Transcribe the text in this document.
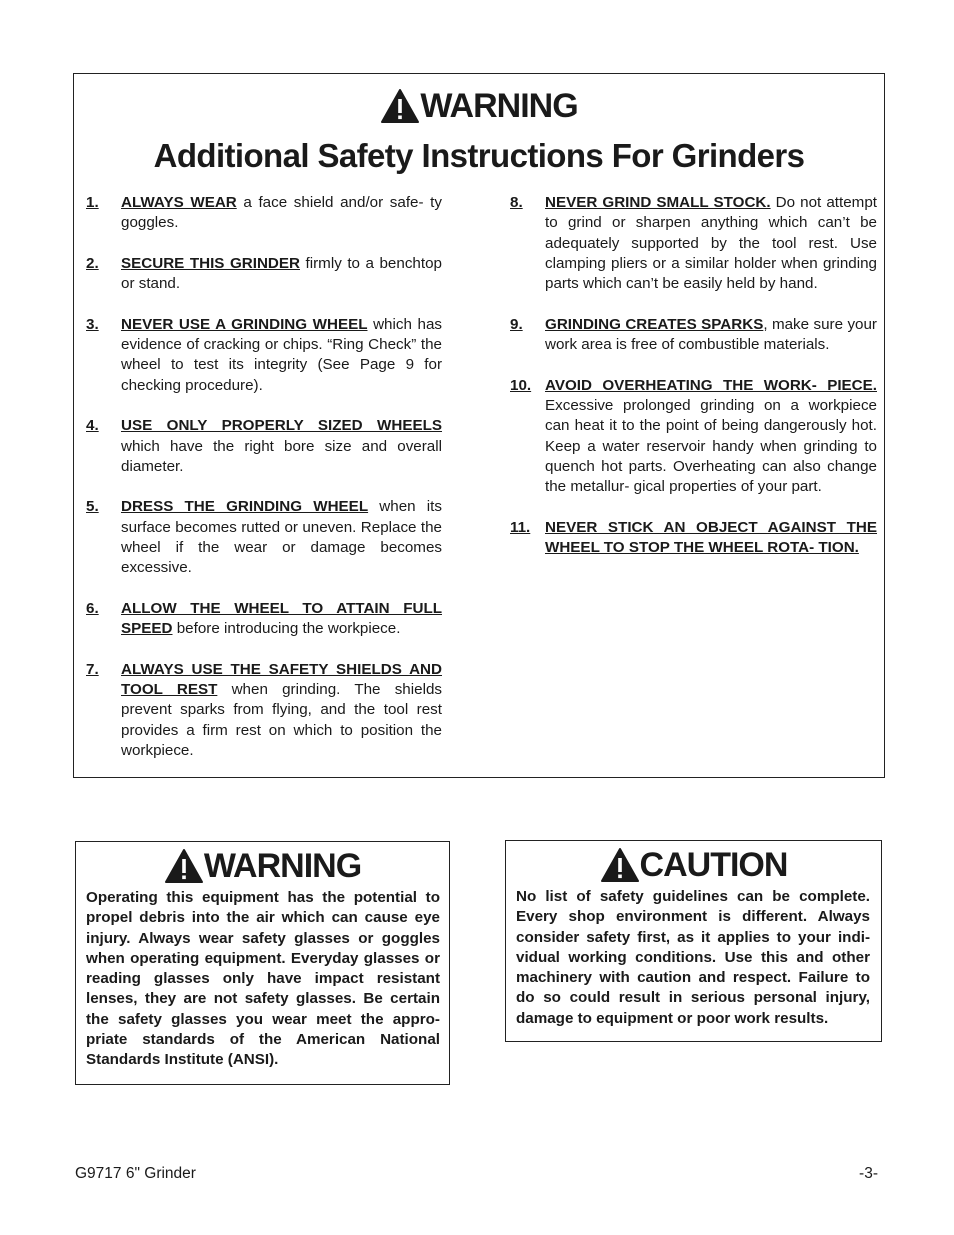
WARNING
Additional Safety Instructions For Grinders
1. ALWAYS WEAR a face shield and/or safe- ty goggles.
2. SECURE THIS GRINDER firmly to a benchtop or stand.
3. NEVER USE A GRINDING WHEEL which has evidence of cracking or chips. “Ring Check” the wheel to test its integrity (See Page 9 for checking procedure).
4. USE ONLY PROPERLY SIZED WHEELS which have the right bore size and overall diameter.
5. DRESS THE GRINDING WHEEL when its surface becomes rutted or uneven. Replace the wheel if the wear or damage becomes excessive.
6. ALLOW THE WHEEL TO ATTAIN FULL SPEED before introducing the workpiece.
7. ALWAYS USE THE SAFETY SHIELDS AND TOOL REST when grinding. The shields prevent sparks from flying, and the tool rest provides a firm rest on which to position the workpiece.
8. NEVER GRIND SMALL STOCK. Do not attempt to grind or sharpen anything which can’t be adequately supported by the tool rest. Use clamping pliers or a similar holder when grinding parts which can’t be easily held by hand.
9. GRINDING CREATES SPARKS, make sure your work area is free of combustible materials.
10. AVOID OVERHEATING THE WORK- PIECE. Excessive prolonged grinding on a workpiece can heat it to the point of being dangerously hot. Keep a water reservoir handy when grinding to quench hot parts. Overheating can also change the metallur- gical properties of your part.
11. NEVER STICK AN OBJECT AGAINST THE WHEEL TO STOP THE WHEEL ROTA- TION.
WARNING
Operating this equipment has the potential to propel debris into the air which can cause eye injury. Always wear safety glasses or goggles when operating equipment. Everyday glasses or reading glasses only have impact resistant lenses, they are not safety glasses. Be certain the safety glasses you wear meet the appro- priate standards of the American National Standards Institute (ANSI).
CAUTION
No list of safety guidelines can be complete. Every shop environment is different. Always consider safety first, as it applies to your indi- vidual working conditions. Use this and other machinery with caution and respect. Failure to do so could result in serious personal injury, damage to equipment or poor work results.
G9717 6" Grinder	-3-
